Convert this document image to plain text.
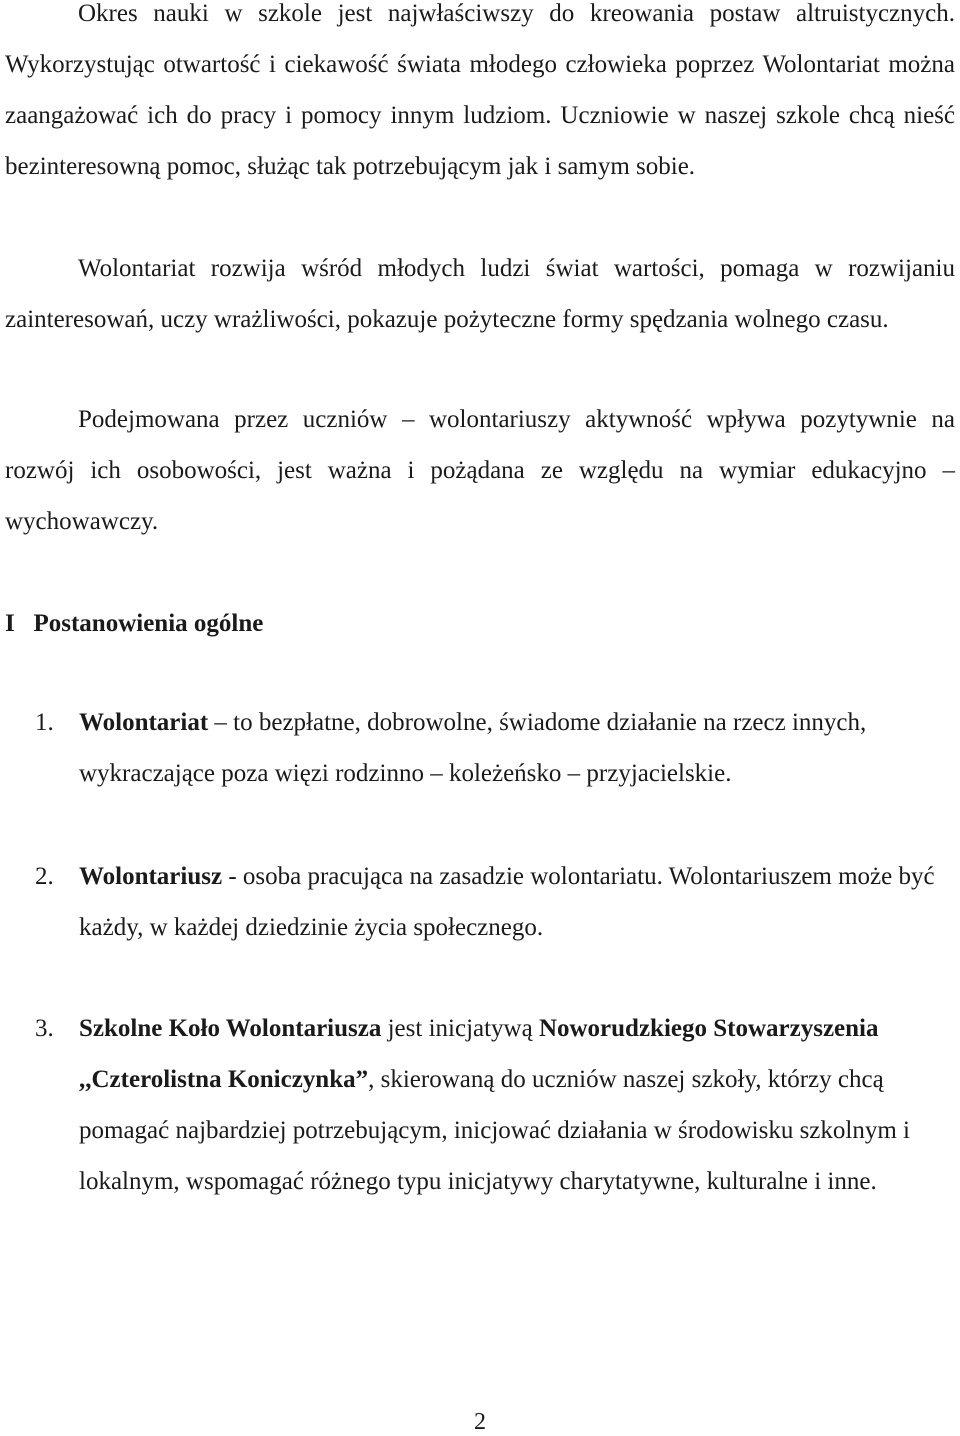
Okres nauki w szkole jest najwłaściwszy do kreowania postaw altruistycznych. Wykorzystując otwartość i ciekawość świata młodego człowieka poprzez Wolontariat można zaangażować ich do pracy i pomocy innym ludziom. Uczniowie w naszej szkole chcą nieść bezinteresowną pomoc, służąc tak potrzebującym jak i samym sobie.

Wolontariat rozwija wśród młodych ludzi świat wartości, pomaga w rozwijaniu zainteresowań, uczy wrażliwości, pokazuje pożyteczne formy spędzania wolnego czasu.

Podejmowana przez uczniów – wolontariuszy aktywność wpływa pozytywnie na rozwój ich osobowości, jest ważna i pożądana ze względu na wymiar edukacyjno – wychowawczy.

I   Postanowienia ogólne

1. Wolontariat – to bezpłatne, dobrowolne, świadome działanie na rzecz innych, wykraczające poza więzi rodzinno – koleżeńsko – przyjacielskie.

2. Wolontariusz - osoba pracująca na zasadzie wolontariatu. Wolontariuszem może być każdy, w każdej dziedzinie życia społecznego.

3. Szkolne Koło Wolontariusza jest inicjatywą Noworudzkiego Stowarzyszenia ,,Czterolistna Koniczynka”, skierowaną do uczniów naszej szkoły, którzy chcą pomagać najbardziej potrzebującym, inicjować działania w środowisku szkolnym i lokalnym, wspomagać różnego typu inicjatywy charytatywne, kulturalne i inne.

2
